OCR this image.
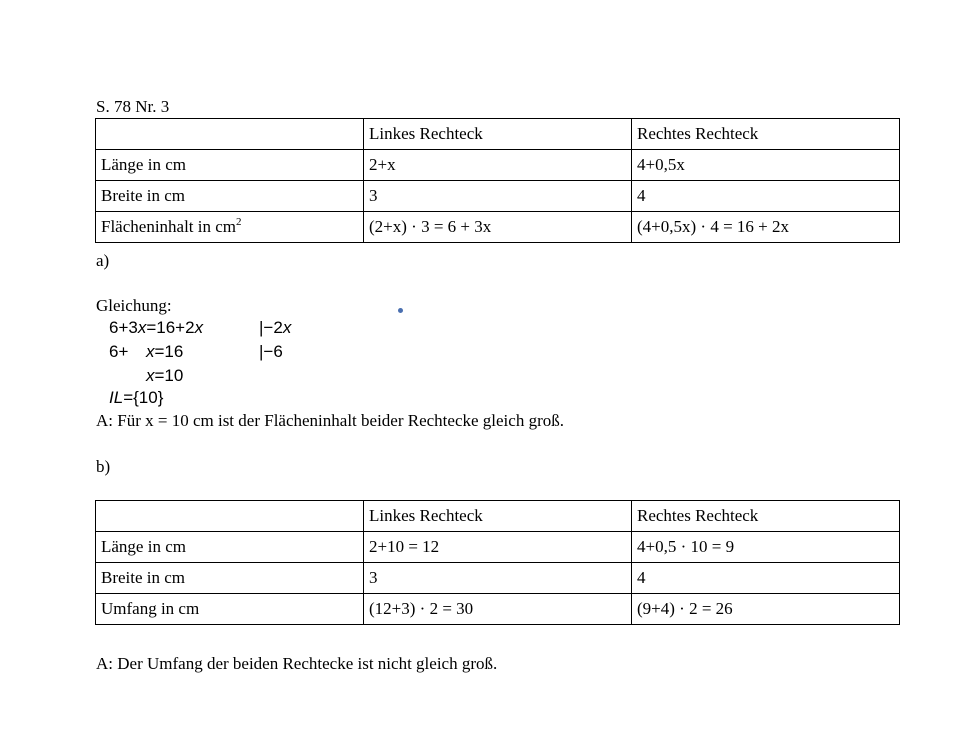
S. 78 Nr. 3
	Linkes Rechteck	Rechtes Rechteck
Länge in cm	2+x	4+0,5x
Breite in cm	3	4
Flächeninhalt in $cm^2$	(2+x) · 3 = 6 + 3x	(4+0,5x) · 4 = 16 + 2x
a)
Gleichung:
6+3x=16+2x	|−2x
6+ x=16	|−6
x=10
IL={10}
A: Für x = 10 cm ist der Flächeninhalt beider Rechtecke gleich groß.
b)
	Linkes Rechteck	Rechtes Rechteck
Länge in cm	2+10 = 12	4+0,5 · 10 = 9
Breite in cm	3	4
Umfang in cm	(12+3) · 2 = 30	(9+4) · 2 = 26
A: Der Umfang der beiden Rechtecke ist nicht gleich groß.
